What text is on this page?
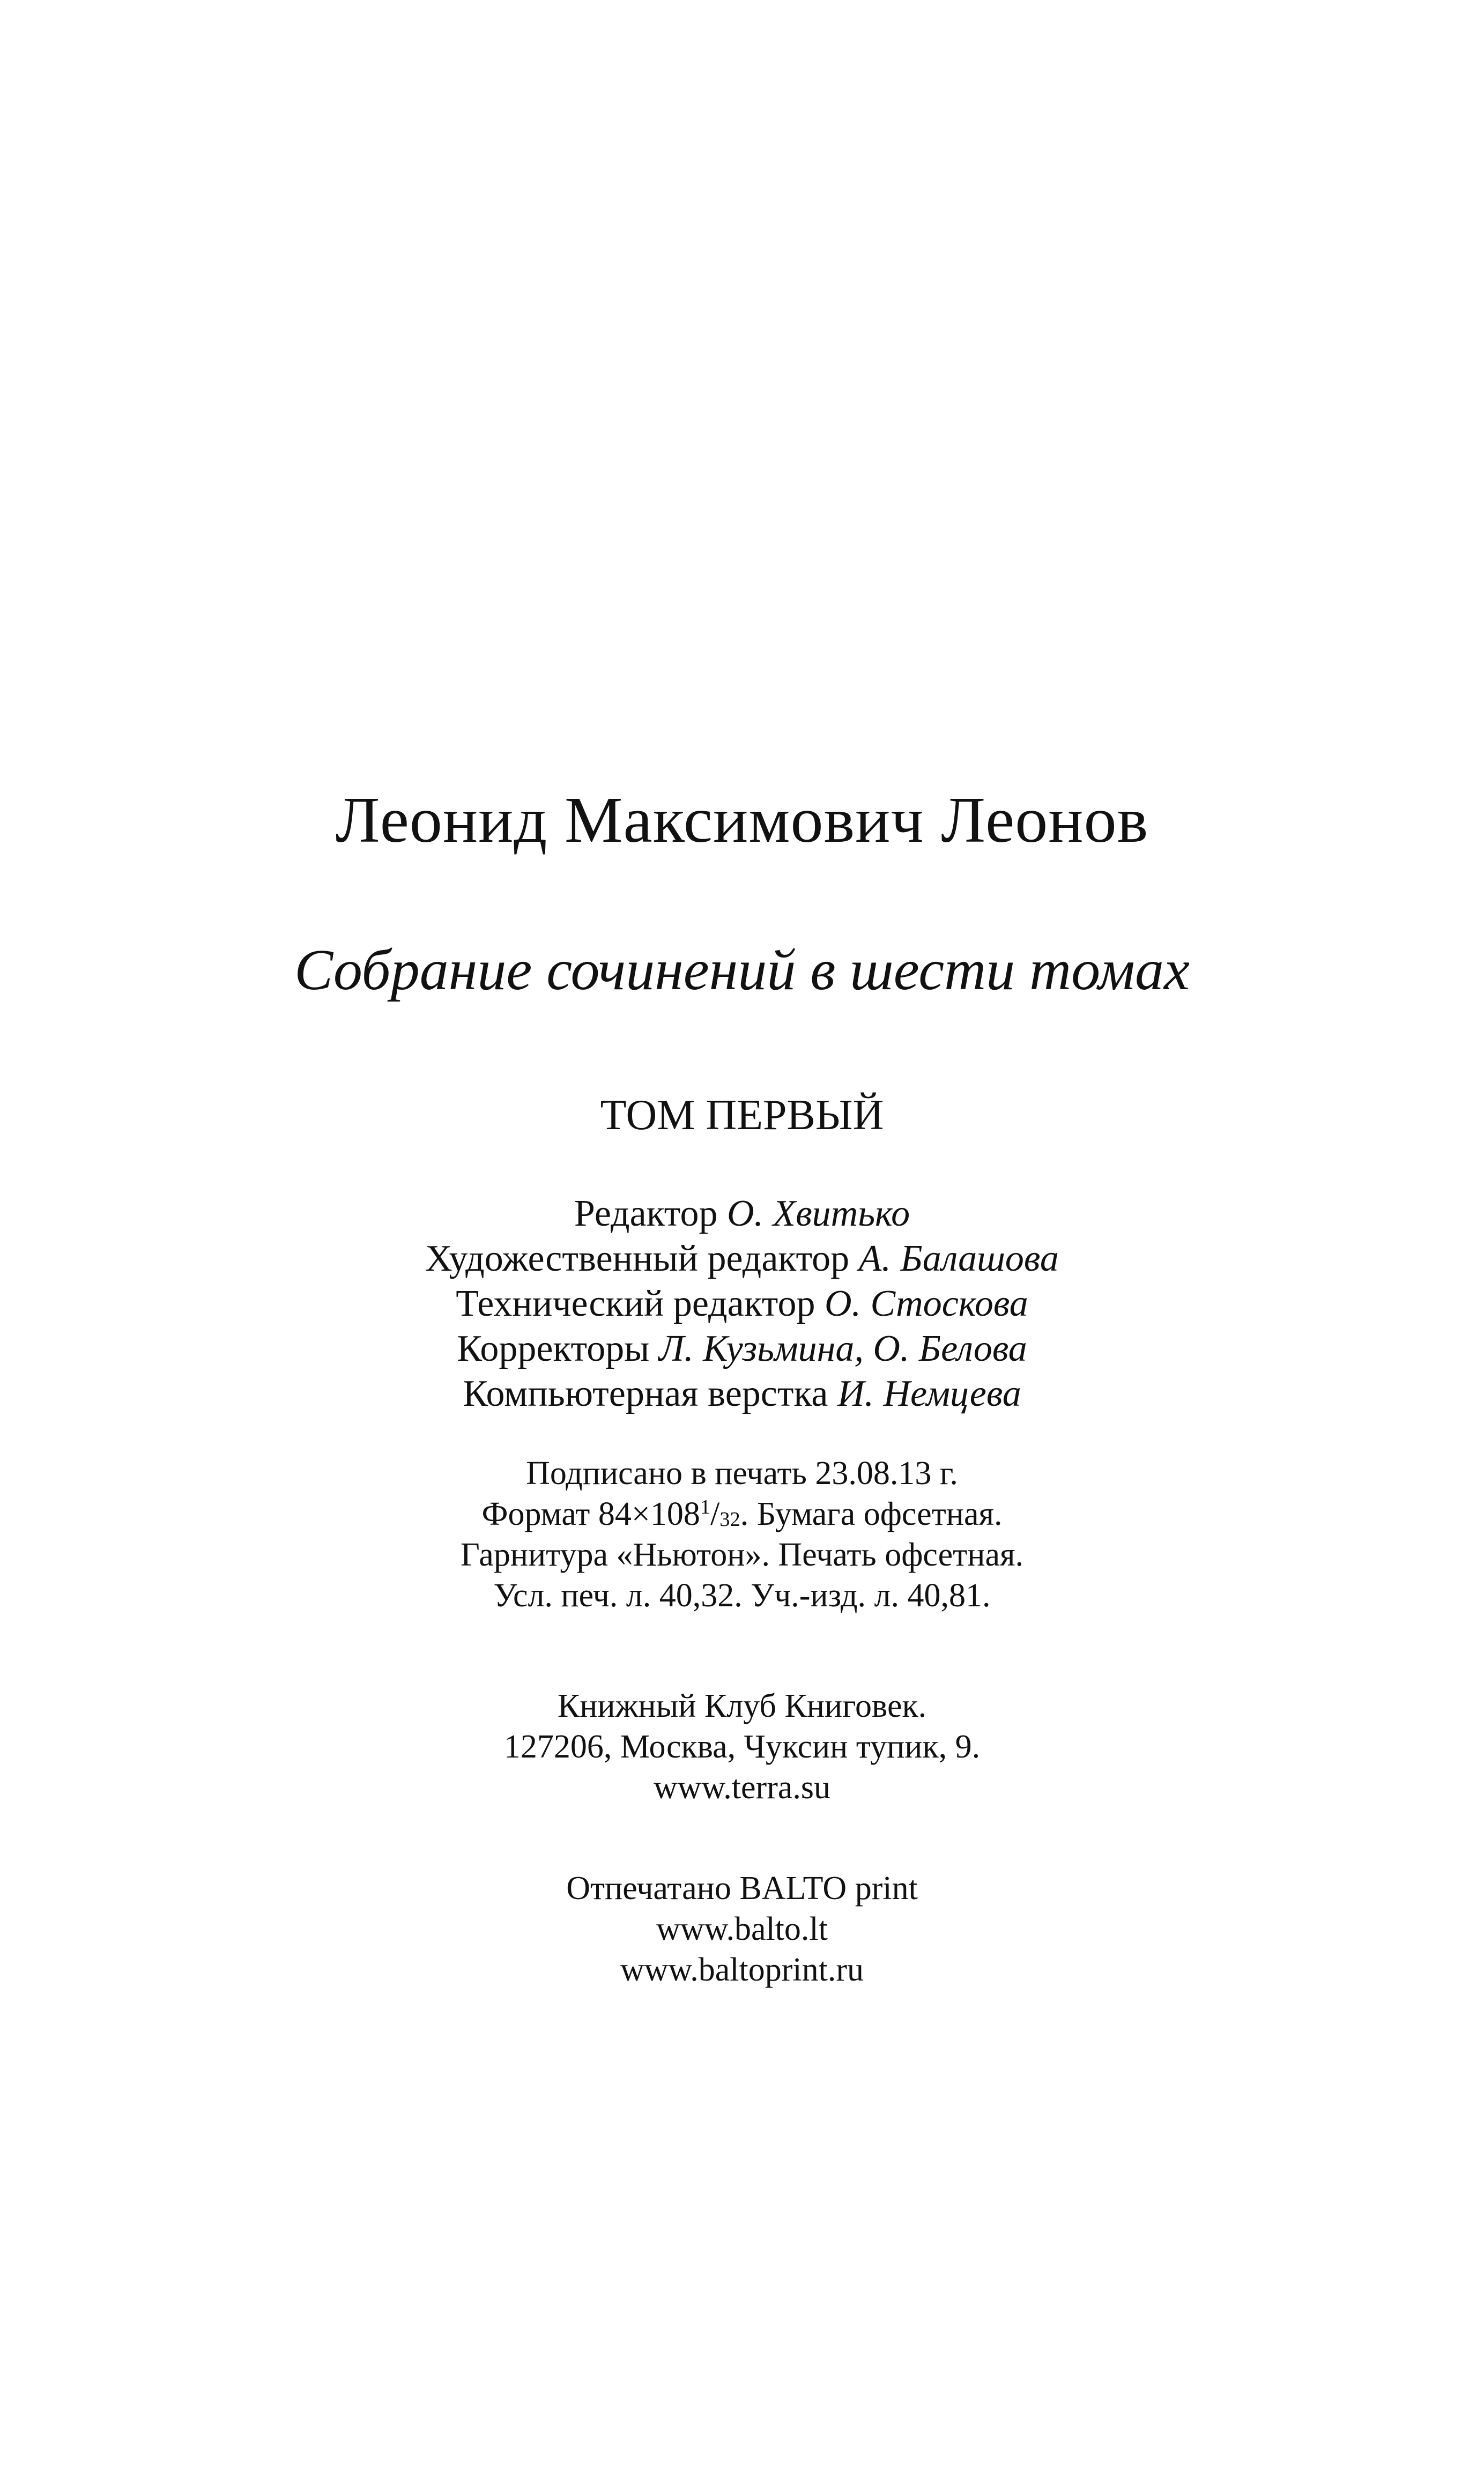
Леонид Максимович Леонов
Собрание сочинений в шести томах
ТОМ ПЕРВЫЙ
Редактор О. Хвитько
Художественный редактор А. Балашова
Технический редактор О. Стоскова
Корректоры Л. Кузьмина, О. Белова
Компьютерная верстка И. Немцева
Подписано в печать 23.08.13 г.
Формат $84\times 108^1/_{32}$. Бумага офсетная.
Гарнитура «Ньютон». Печать офсетная.
Усл. печ. л. 40,32. Уч.-изд. л. 40,81.
Книжный Клуб Книговек.
127206, Москва, Чуксин тупик, 9.
www.terra.su
Отпечатано BALTO print
www.balto.lt
www.baltoprint.ru
